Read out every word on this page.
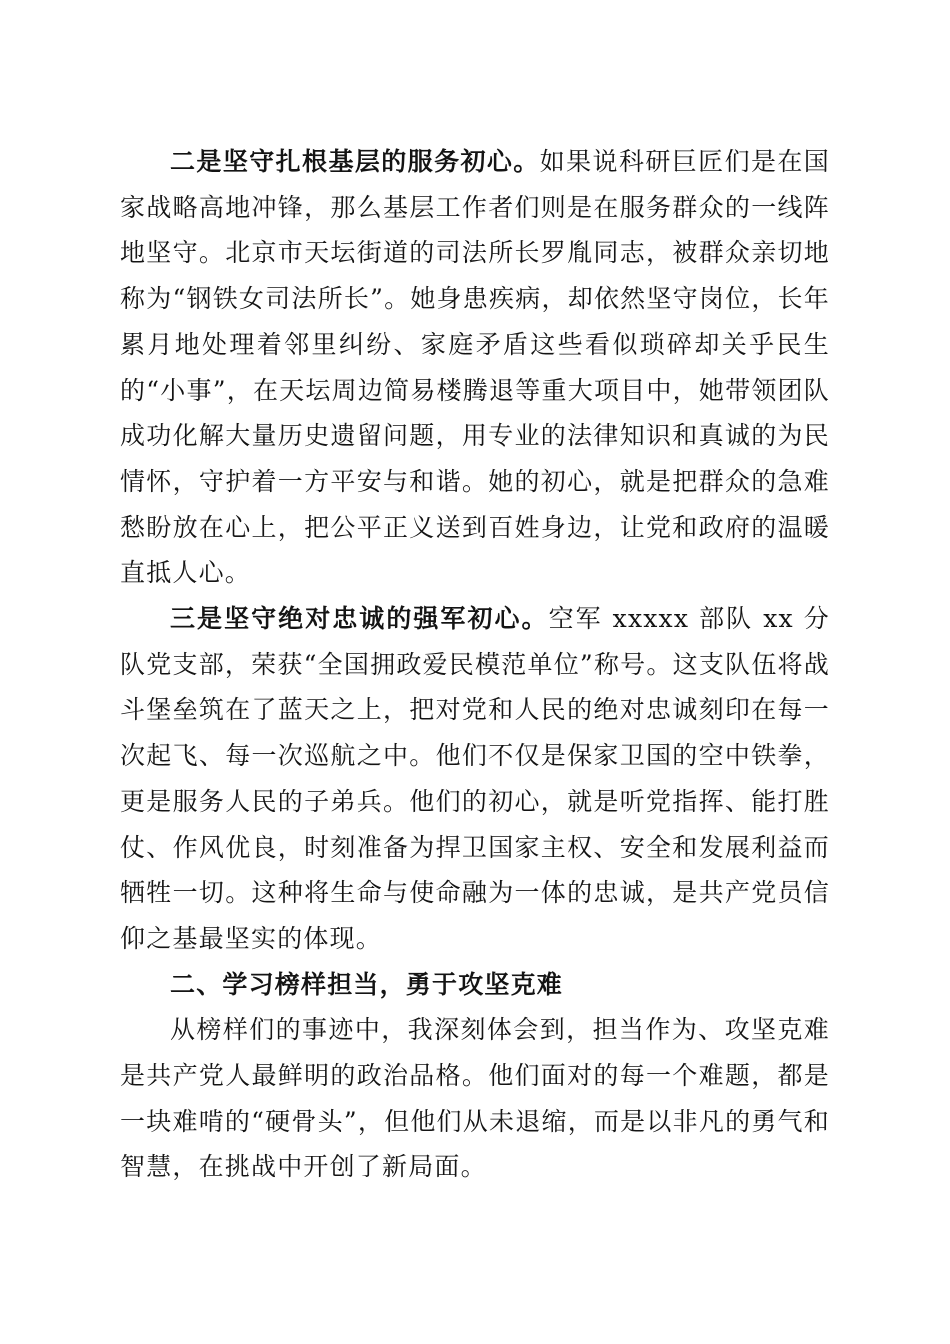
二是坚守扎根基层的服务初心。如果说科研巨匠们是在国家战略高地冲锋，那么基层工作者们则是在服务群众的一线阵地坚守。北京市天坛街道的司法所长罗胤同志，被群众亲切地称为“钢铁女司法所长”。她身患疾病，却依然坚守岗位，长年累月地处理着邻里纠纷、家庭矛盾这些看似琐碎却关乎民生的“小事”，在天坛周边简易楼腾退等重大项目中，她带领团队成功化解大量历史遗留问题，用专业的法律知识和真诚的为民情怀，守护着一方平安与和谐。她的初心，就是把群众的急难愁盼放在心上，把公平正义送到百姓身边，让党和政府的温暖直抵人心。

三是坚守绝对忠诚的强军初心。空军 xxxxx 部队 xx 分队党支部，荣获“全国拥政爱民模范单位”称号。这支队伍将战斗堡垒筑在了蓝天之上，把对党和人民的绝对忠诚刻印在每一次起飞、每一次巡航之中。他们不仅是保家卫国的空中铁拳，更是服务人民的子弟兵。他们的初心，就是听党指挥、能打胜仗、作风优良，时刻准备为捍卫国家主权、安全和发展利益而牺牲一切。这种将生命与使命融为一体的忠诚，是共产党员信仰之基最坚实的体现。

二、学习榜样担当，勇于攻坚克难

从榜样们的事迹中，我深刻体会到，担当作为、攻坚克难是共产党人最鲜明的政治品格。他们面对的每一个难题，都是一块难啃的“硬骨头”，但他们从未退缩，而是以非凡的勇气和智慧，在挑战中开创了新局面。
